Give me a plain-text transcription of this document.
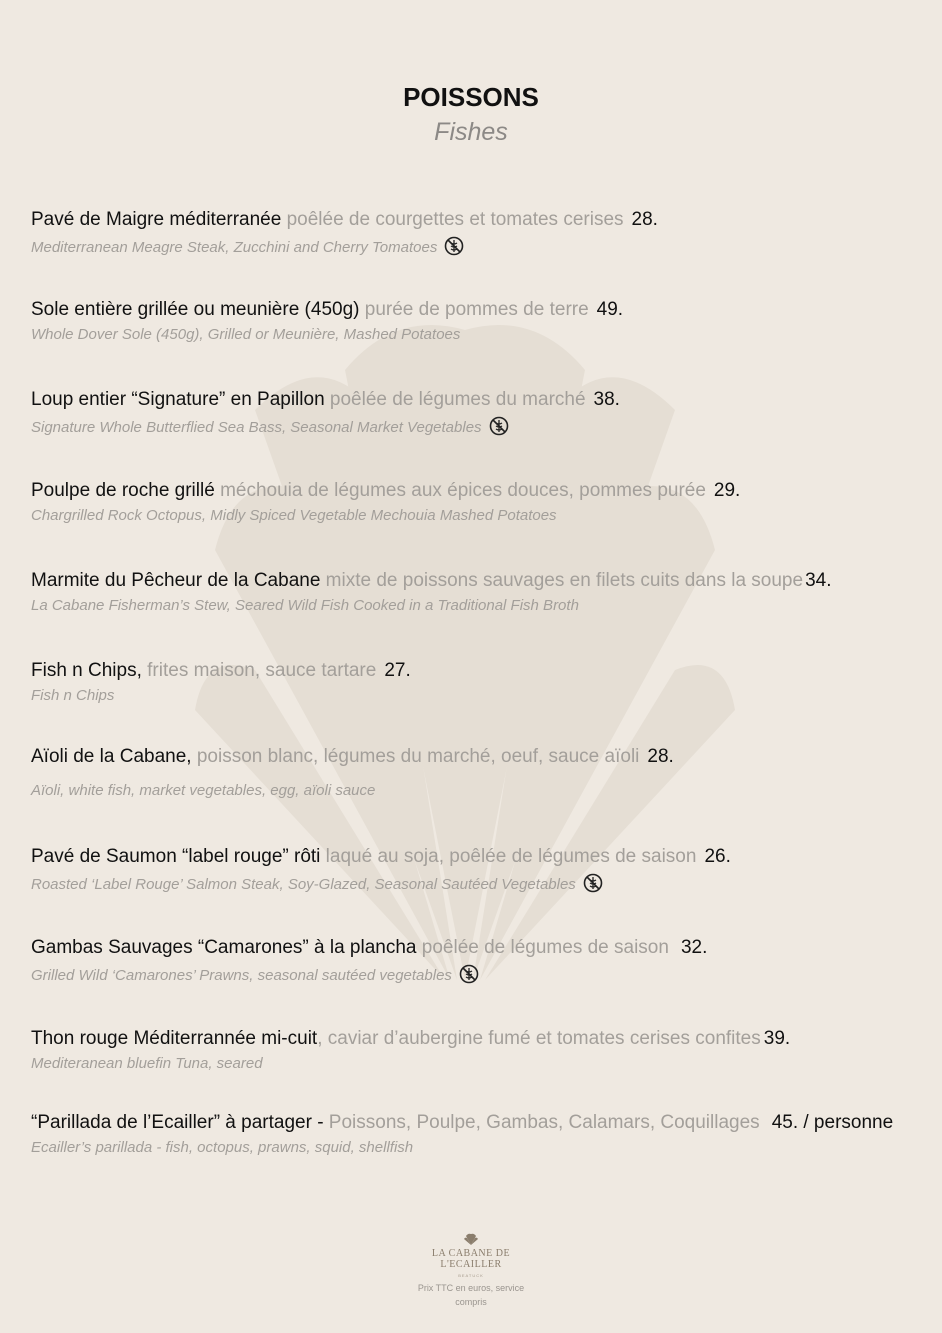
POISSONS
Fishes
Pavé de Maigre méditerranée poêlée de courgettes et tomates cerises 28.
Mediterranean Meagre Steak, Zucchini and Cherry Tomatoes
Sole entière grillée ou meunière (450g) purée de pommes de terre 49.
Whole Dover Sole (450g), Grilled or Meunière, Mashed Potatoes
Loup entier “Signature” en Papillon poêlée de légumes du marché 38.
Signature Whole Butterflied Sea Bass, Seasonal Market Vegetables
Poulpe de roche grillé méchouia de légumes aux épices douces, pommes purée 29.
Chargrilled Rock Octopus, Midly Spiced Vegetable Mechouia Mashed Potatoes
Marmite du Pêcheur de la Cabane mixte de poissons sauvages en filets cuits dans la soupe 34.
La Cabane Fisherman’s Stew, Seared Wild Fish Cooked in a Traditional Fish Broth
Fish n Chips, frites maison, sauce tartare 27.
Fish n Chips
Aïoli de la Cabane, poisson blanc, légumes du marché, oeuf, sauce aïoli 28.
Aïoli, white fish, market vegetables, egg, aïoli sauce
Pavé de Saumon “label rouge” rôti laqué au soja, poêlée de légumes de saison 26.
Roasted ‘Label Rouge’ Salmon Steak, Soy-Glazed, Seasonal Sautéed Vegetables
Gambas Sauvages “Camarones” à la plancha poêlée de légumes de saison 32.
Grilled Wild ‘Camarones’ Prawns, seasonal sautéed vegetables
Thon rouge Méditerrannée mi-cuit, caviar d’aubergine fumé et tomates cerises confites 39.
Mediteranean bluefin Tuna, seared
“Parillada de l’Ecailler” à partager - Poissons, Poulpe, Gambas, Calamars, Coquillages 45. / personne
Ecailler’s parillada - fish, octopus, prawns, squid, shellfish
LA CABANE DE
L'ECAILLER
BEATUCK
Prix TTC en euros, service compris
